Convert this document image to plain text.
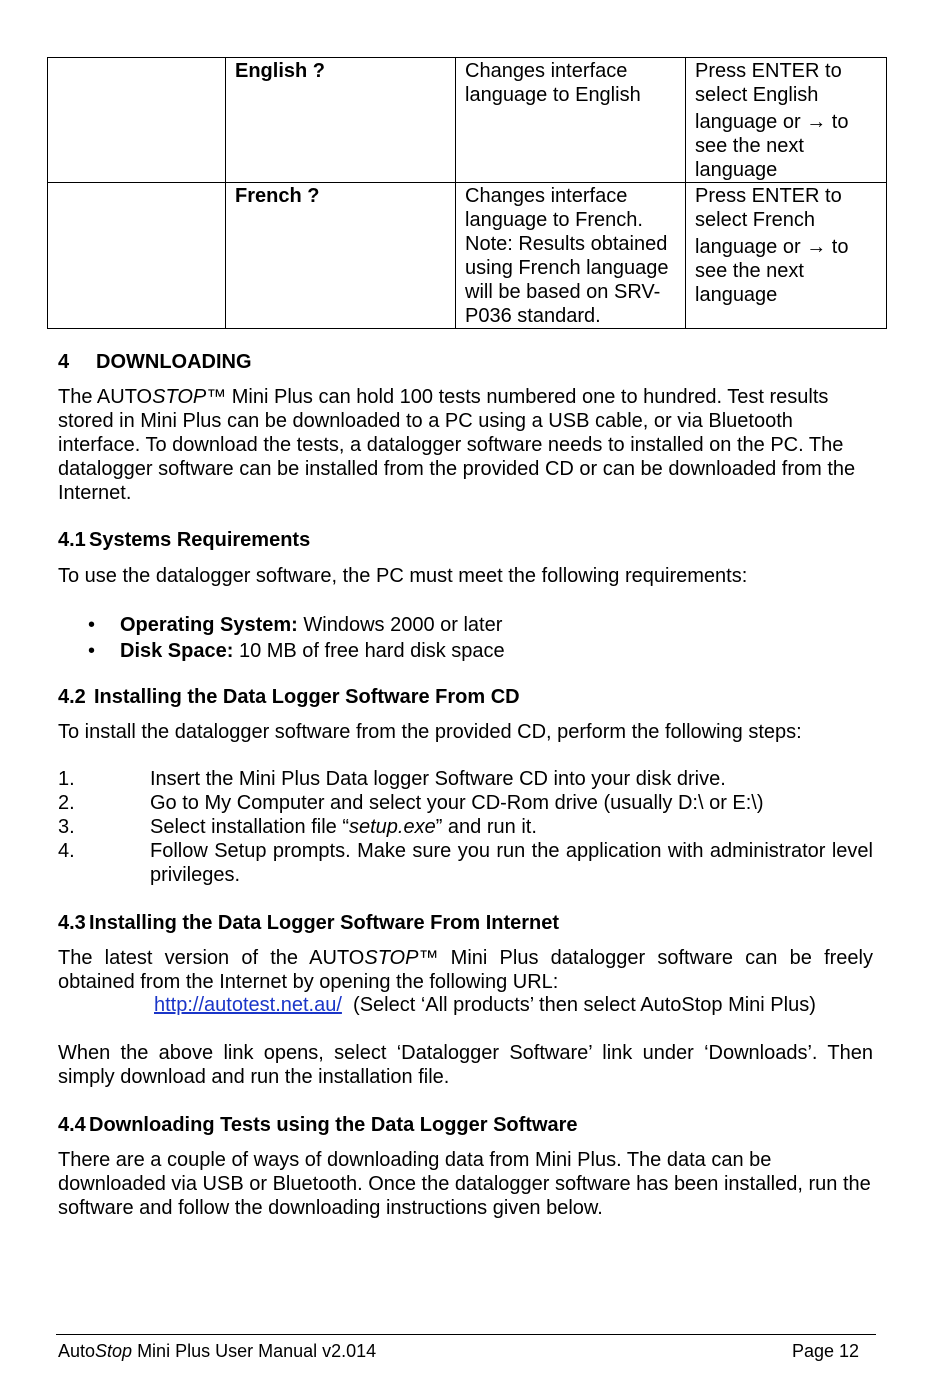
	English ?	Changes interface language to English	Press ENTER to
select English
language or → to
see the next
language

	French ?	Changes interface language to French. Note: Results obtained using French language will be based on SRV-P036 standard.	Press ENTER to
select French
language or → to
see the next
language
4 DOWNLOADING
The AUTOSTOP™ Mini Plus can hold 100 tests numbered one to hundred. Test results stored in Mini Plus can be downloaded to a PC using a USB cable, or via Bluetooth interface. To download the tests, a datalogger software needs to installed on the PC. The datalogger software can be installed from the provided CD or can be downloaded from the Internet.
4.1 Systems Requirements
To use the datalogger software, the PC must meet the following requirements:
• Operating System: Windows 2000 or later
• Disk Space: 10 MB of free hard disk space
4.2 Installing the Data Logger Software From CD
To install the datalogger software from the provided CD, perform the following steps:
1.	Insert the Mini Plus Data logger Software CD into your disk drive.
2.	Go to My Computer and select your CD-Rom drive (usually D:\ or E:\)
3.	Select installation file “setup.exe” and run it.
4.	Follow Setup prompts. Make sure you run the application with administrator level privileges.
4.3 Installing the Data Logger Software From Internet
The latest version of the AUTOSTOP™ Mini Plus datalogger software can be freely obtained from the Internet by opening the following URL:
http://autotest.net.au/ (Select ‘All products’ then select AutoStop Mini Plus)
When the above link opens, select ‘Datalogger Software’ link under ‘Downloads’. Then simply download and run the installation file.
4.4 Downloading Tests using the Data Logger Software
There are a couple of ways of downloading data from Mini Plus. The data can be downloaded via USB or Bluetooth. Once the datalogger software has been installed, run the software and follow the downloading instructions given below.
AutoStop Mini Plus User Manual v2.014	Page 12
